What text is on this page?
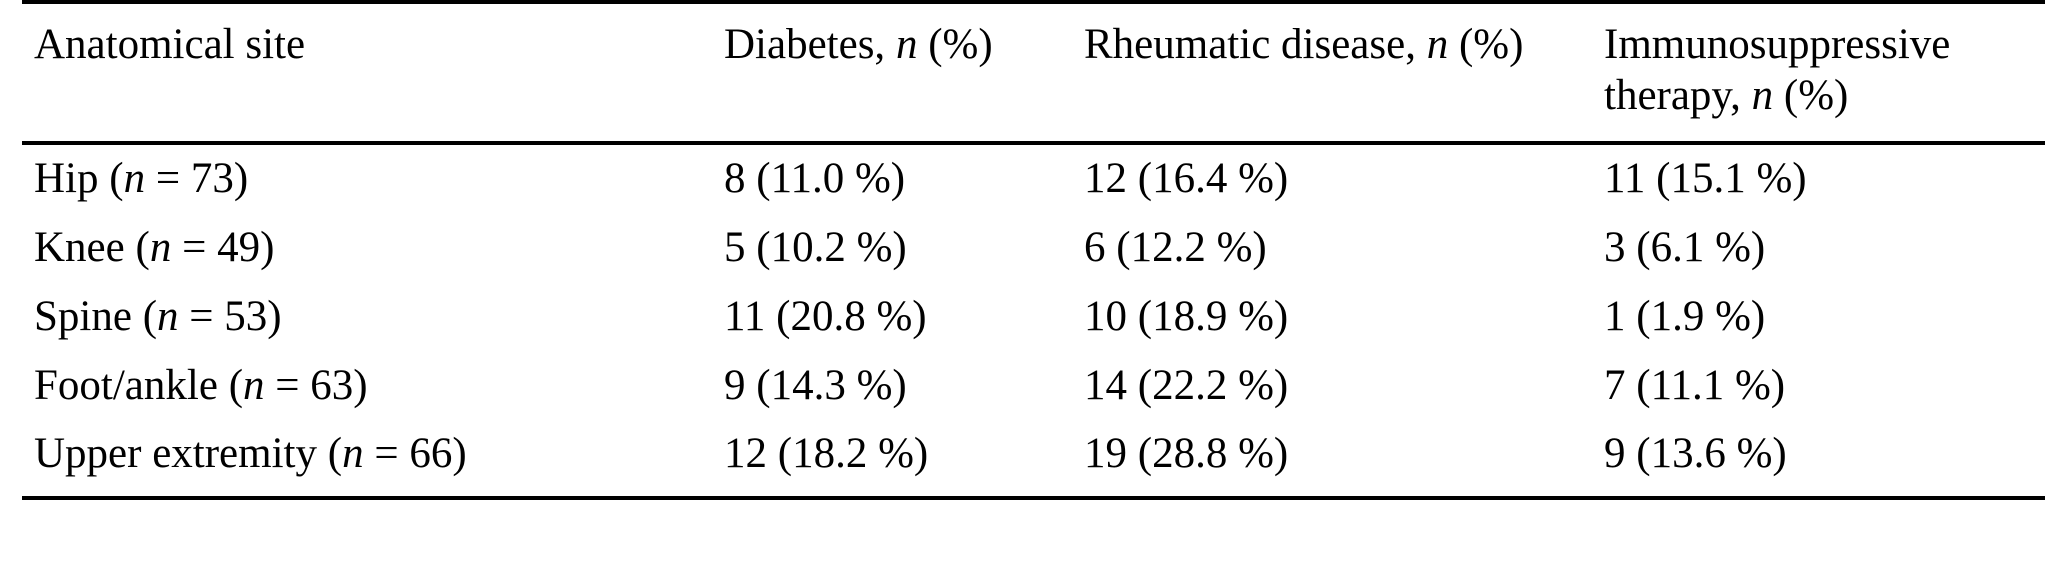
Anatomical site	Diabetes, n (%)	Rheumatic disease, n (%)	Immunosuppressive therapy, n (%)
Hip (n = 73)	8 (11.0 %)	12 (16.4 %)	11 (15.1 %)
Knee (n = 49)	5 (10.2 %)	6 (12.2 %)	3 (6.1 %)
Spine (n = 53)	11 (20.8 %)	10 (18.9 %)	1 (1.9 %)
Foot/ankle (n = 63)	9 (14.3 %)	14 (22.2 %)	7 (11.1 %)
Upper extremity (n = 66)	12 (18.2 %)	19 (28.8 %)	9 (13.6 %)
